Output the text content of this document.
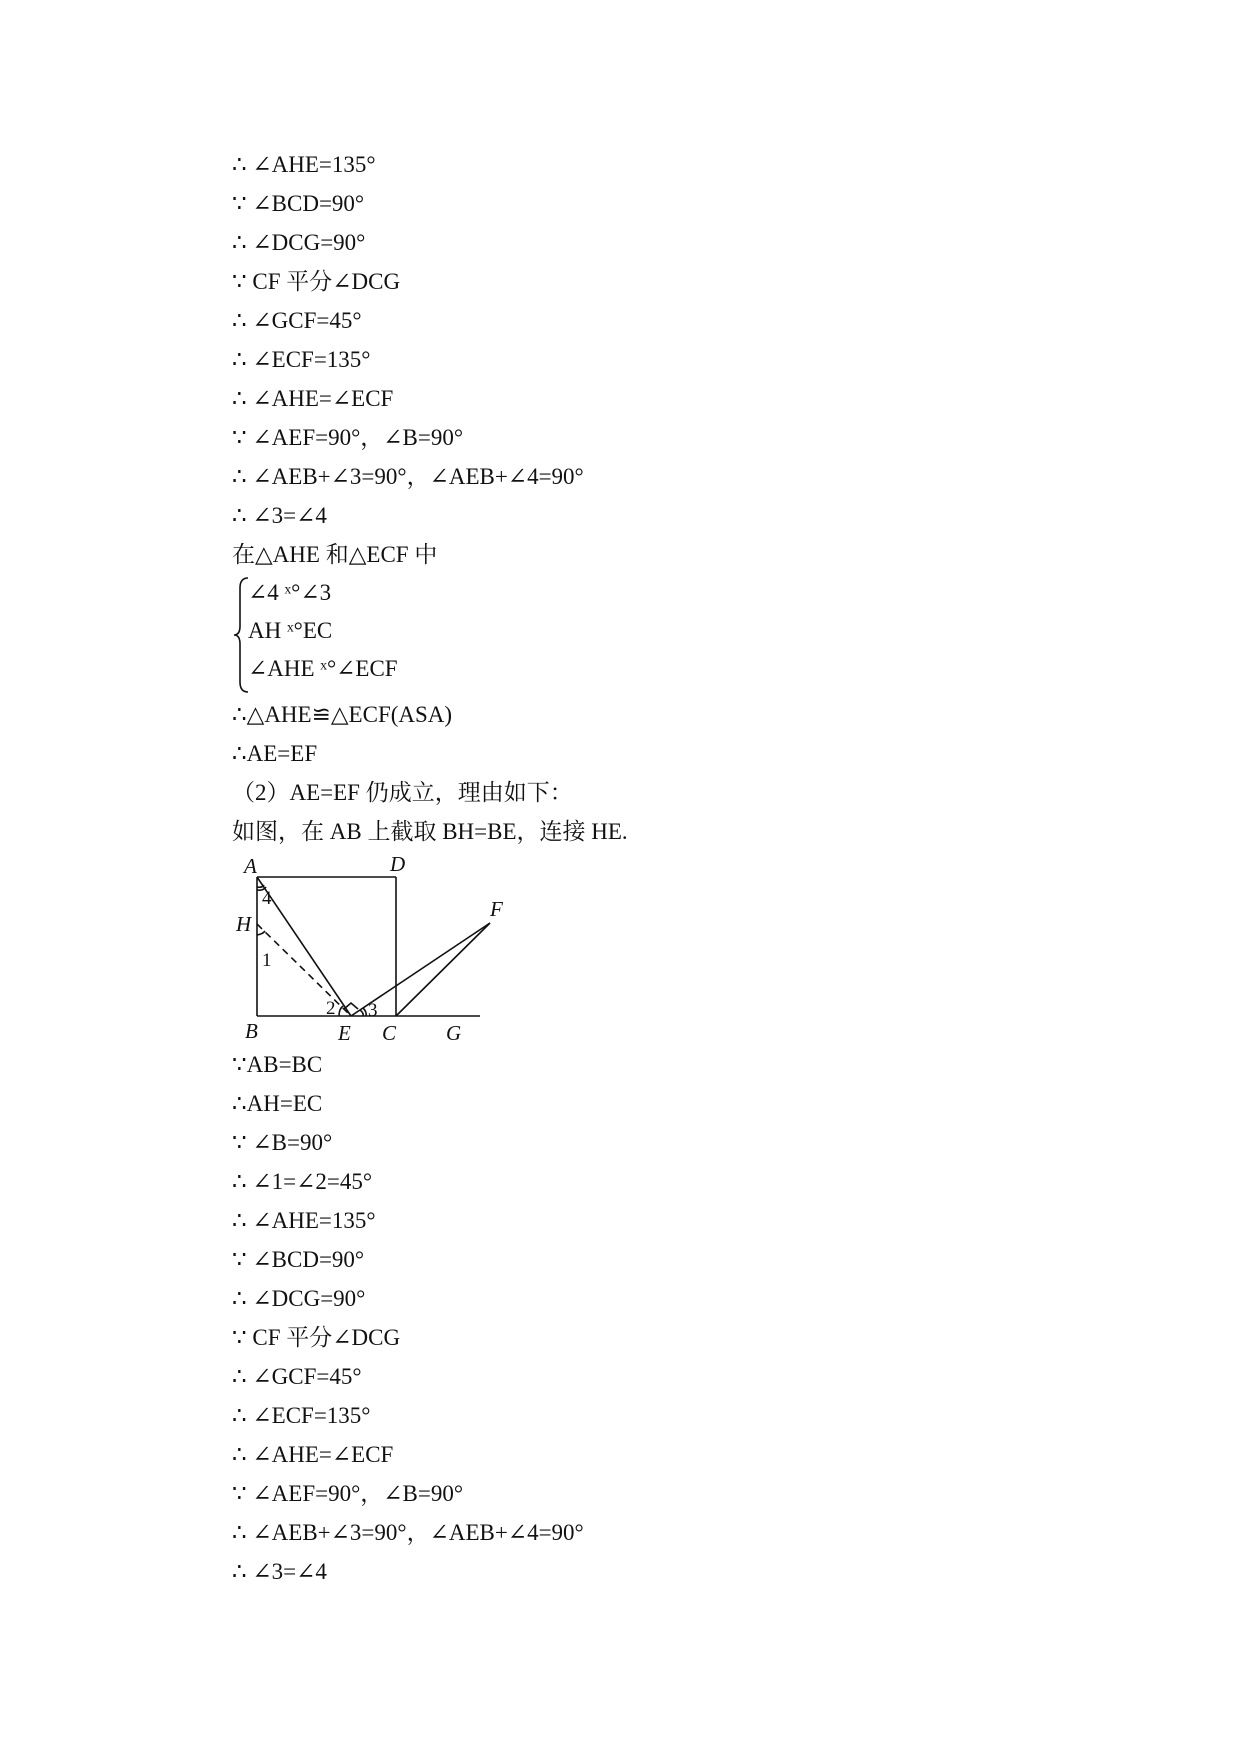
∴ ∠AHE=135°
∵ ∠BCD=90°
∴ ∠DCG=90°
∵ CF 平分∠DCG
∴ ∠GCF=45°
∴ ∠ECF=135°
∴ ∠AHE=∠ECF
∵ ∠AEF=90°，∠B=90°
∴ ∠AEB+∠3=90°，∠AEB+∠4=90°
∴ ∠3=∠4
在△AHE 和△ECF 中
∠4 ˣ°∠3
AH ˣ°EC
∠AHE ˣ°∠ECF
∴△AHE≌△ECF(ASA)
∴AE=EF
（2）AE=EF 仍成立，理由如下：
如图，在 AB 上截取 BH=BE，连接 HE.
A	D
F
H
B	E C G
4
1
2 3
∵AB=BC
∴AH=EC
∵ ∠B=90°
∴ ∠1=∠2=45°
∴ ∠AHE=135°
∵ ∠BCD=90°
∴ ∠DCG=90°
∵ CF 平分∠DCG
∴ ∠GCF=45°
∴ ∠ECF=135°
∴ ∠AHE=∠ECF
∵ ∠AEF=90°，∠B=90°
∴ ∠AEB+∠3=90°，∠AEB+∠4=90°
∴ ∠3=∠4
